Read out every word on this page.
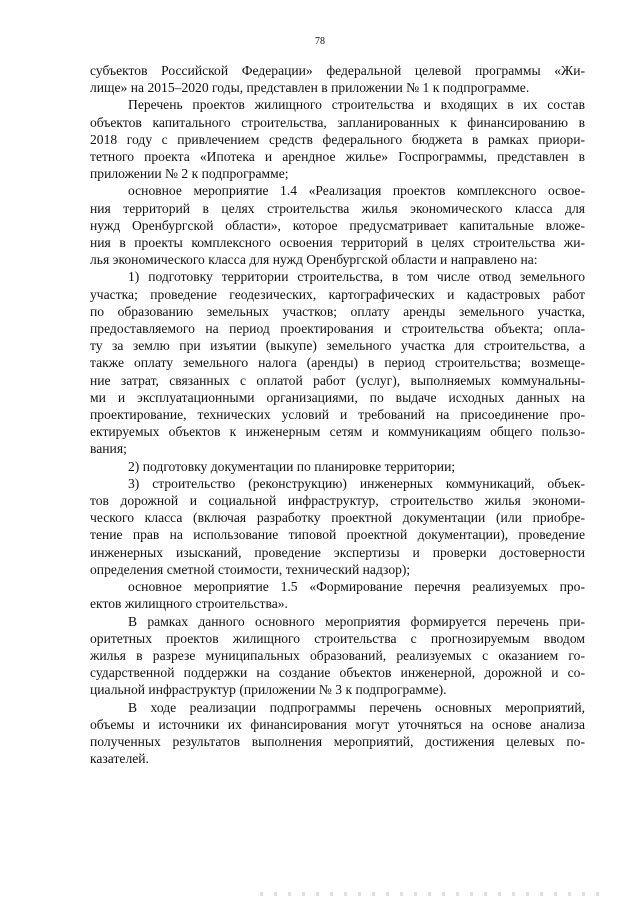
78
субъектов Российской Федерации» федеральной целевой программы «Жи-
лище» на 2015–2020 годы, представлен в приложении № 1 к подпрограмме.
Перечень проектов жилищного строительства и входящих в их состав
объектов капитального строительства, запланированных к финансированию в
2018 году с привлечением средств федерального бюджета в рамках приори-
тетного проекта «Ипотека и арендное жилье» Госпрограммы, представлен в
приложении № 2 к подпрограмме;
основное мероприятие 1.4 «Реализация проектов комплексного освое-
ния территорий в целях строительства жилья экономического класса для
нужд Оренбургской области», которое предусматривает капитальные вложе-
ния в проекты комплексного освоения территорий в целях строительства жи-
лья экономического класса для нужд Оренбургской области и направлено на:
1) подготовку территории строительства, в том числе отвод земельного
участка; проведение геодезических, картографических и кадастровых работ
по образованию земельных участков; оплату аренды земельного участка,
предоставляемого на период проектирования и строительства объекта; опла-
ту за землю при изъятии (выкупе) земельного участка для строительства, а
также оплату земельного налога (аренды) в период строительства; возмеще-
ние затрат, связанных с оплатой работ (услуг), выполняемых коммунальны-
ми и эксплуатационными организациями, по выдаче исходных данных на
проектирование, технических условий и требований на присоединение про-
ектируемых объектов к инженерным сетям и коммуникациям общего пользо-
вания;
2) подготовку документации по планировке территории;
3) строительство (реконструкцию) инженерных коммуникаций, объек-
тов дорожной и социальной инфраструктур, строительство жилья экономи-
ческого класса (включая разработку проектной документации (или приобре-
тение прав на использование типовой проектной документации), проведение
инженерных изысканий, проведение экспертизы и проверки достоверности
определения сметной стоимости, технический надзор);
основное мероприятие 1.5 «Формирование перечня реализуемых про-
ектов жилищного строительства».
В рамках данного основного мероприятия формируется перечень при-
оритетных проектов жилищного строительства с прогнозируемым вводом
жилья в разрезе муниципальных образований, реализуемых с оказанием го-
сударственной поддержки на создание объектов инженерной, дорожной и со-
циальной инфраструктур (приложении № 3 к подпрограмме).
В ходе реализации подпрограммы перечень основных мероприятий,
объемы и источники их финансирования могут уточняться на основе анализа
полученных результатов выполнения мероприятий, достижения целевых по-
казателей.
